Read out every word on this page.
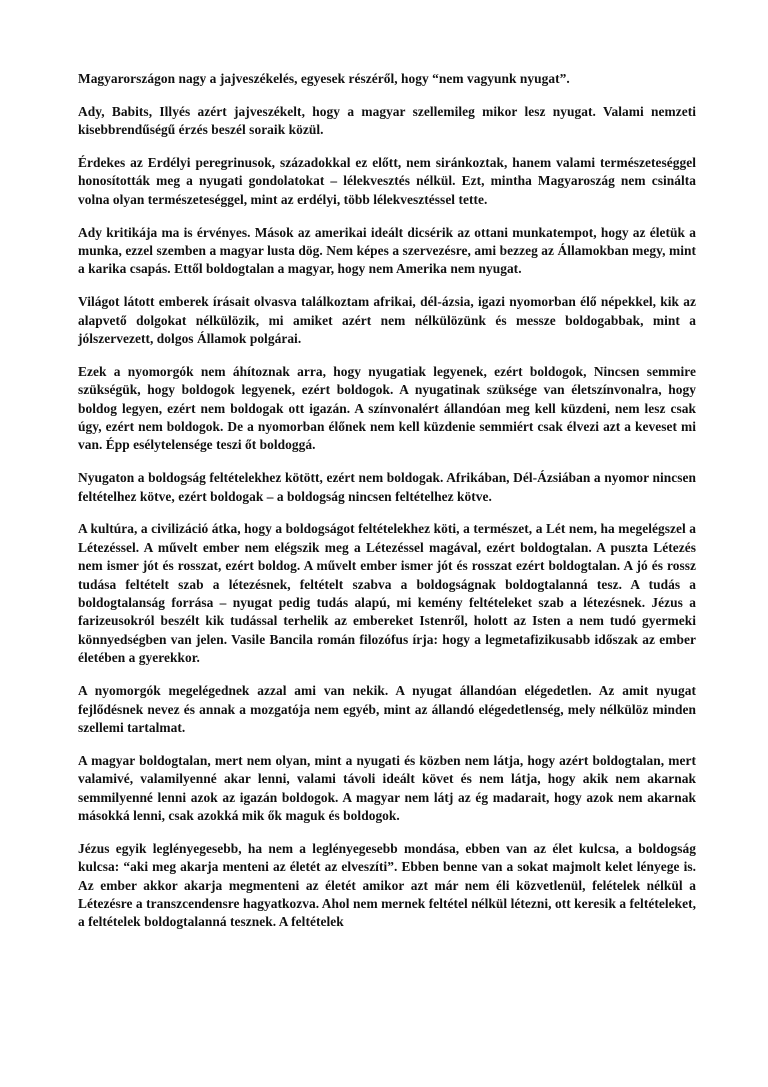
Magyarországon nagy a jajveszékelés, egyesek részéről, hogy “nem vagyunk nyugat”.

Ady, Babits, Illyés azért jajveszékelt, hogy a magyar szellemileg mikor lesz nyugat. Valami nemzeti kisebbrendűségű érzés beszél soraik közül.

Érdekes az Erdélyi peregrinusok, századokkal ez előtt, nem siránkoztak, hanem valami természeteséggel honosították meg a nyugati gondolatokat – lélekvesztés nélkül. Ezt, mintha Magyaroszág nem csinálta volna olyan természeteséggel, mint az erdélyi, több lélekvesztéssel tette.

Ady kritikája ma is érvényes. Mások az amerikai ideált dicsérik az ottani munkatempot, hogy az életük a munka, ezzel szemben a magyar lusta dög. Nem képes a szervezésre, ami bezzeg az Államokban megy, mint a karika csapás. Ettől boldogtalan a magyar, hogy nem Amerika nem nyugat.

Világot látott emberek írásait olvasva találkoztam afrikai, dél-ázsia, igazi nyomorban élő népekkel, kik az alapvető dolgokat nélkülözik, mi amiket azért nem nélkülözünk és messze boldogabbak, mint a jólszervezett, dolgos Államok polgárai.

Ezek a nyomorgók nem áhítoznak arra, hogy nyugatiak legyenek, ezért boldogok, Nincsen semmire szükségük, hogy boldogok legyenek, ezért boldogok. A nyugatinak szüksége van életszínvonalra, hogy boldog legyen, ezért nem boldogak ott igazán. A színvonalért állandóan meg kell küzdeni, nem lesz csak úgy, ezért nem boldogok. De a nyomorban élőnek nem kell küzdenie semmiért csak élvezi azt a keveset mi van. Épp esélytelensége teszi őt boldoggá.

Nyugaton a boldogság feltételekhez kötött, ezért nem boldogak. Afrikában, Dél-Ázsiában a nyomor nincsen feltételhez kötve, ezért boldogak – a boldogság nincsen feltételhez kötve.

A kultúra, a civilizáció átka, hogy a boldogságot feltételekhez köti, a természet, a Lét nem, ha megelégszel a Létezéssel. A művelt ember nem elégszik meg a Létezéssel magával, ezért boldogtalan. A puszta Létezés nem ismer jót és rosszat, ezért boldog. A művelt ember ismer jót és rosszat ezért boldogtalan. A jó és rossz tudása feltételt szab a létezésnek, feltételt szabva a boldogságnak boldogtalanná tesz. A tudás a boldogtalanság forrása – nyugat pedig tudás alapú, mi kemény feltételeket szab a létezésnek. Jézus a farizeusokról beszélt kik tudással terhelik az embereket Istenről, holott az Isten a nem tudó gyermeki könnyedségben van jelen. Vasile Bancila román filozófus írja: hogy a legmetafizikusabb időszak az ember életében a gyerekkor.

A nyomorgók megelégednek azzal ami van nekik. A nyugat állandóan elégedetlen. Az amit nyugat fejlődésnek nevez és annak a mozgatója nem egyéb, mint az állandó elégedetlenség, mely nélkülöz minden szellemi tartalmat.

A magyar boldogtalan, mert nem olyan, mint a nyugati és közben nem látja, hogy azért boldogtalan, mert valamivé, valamilyenné akar lenni, valami távoli ideált követ és nem látja, hogy akik nem akarnak semmilyenné lenni azok az igazán boldogok. A magyar nem látj az ég madarait, hogy azok nem akarnak másokká lenni, csak azokká mik ők maguk és boldogok.

Jézus egyik leglényegesebb, ha nem a leglényegesebb mondása, ebben van az élet kulcsa, a boldogság kulcsa: “aki meg akarja menteni az életét az elveszíti”. Ebben benne van a sokat majmolt kelet lényege is. Az ember akkor akarja megmenteni az életét amikor azt már nem éli közvetlenül, felételek nélkül a Létezésre a transzcendensre hagyatkozva. Ahol nem mernek feltétel nélkül létezni, ott keresik a feltételeket, a feltételek boldogtalanná tesznek. A feltételek
